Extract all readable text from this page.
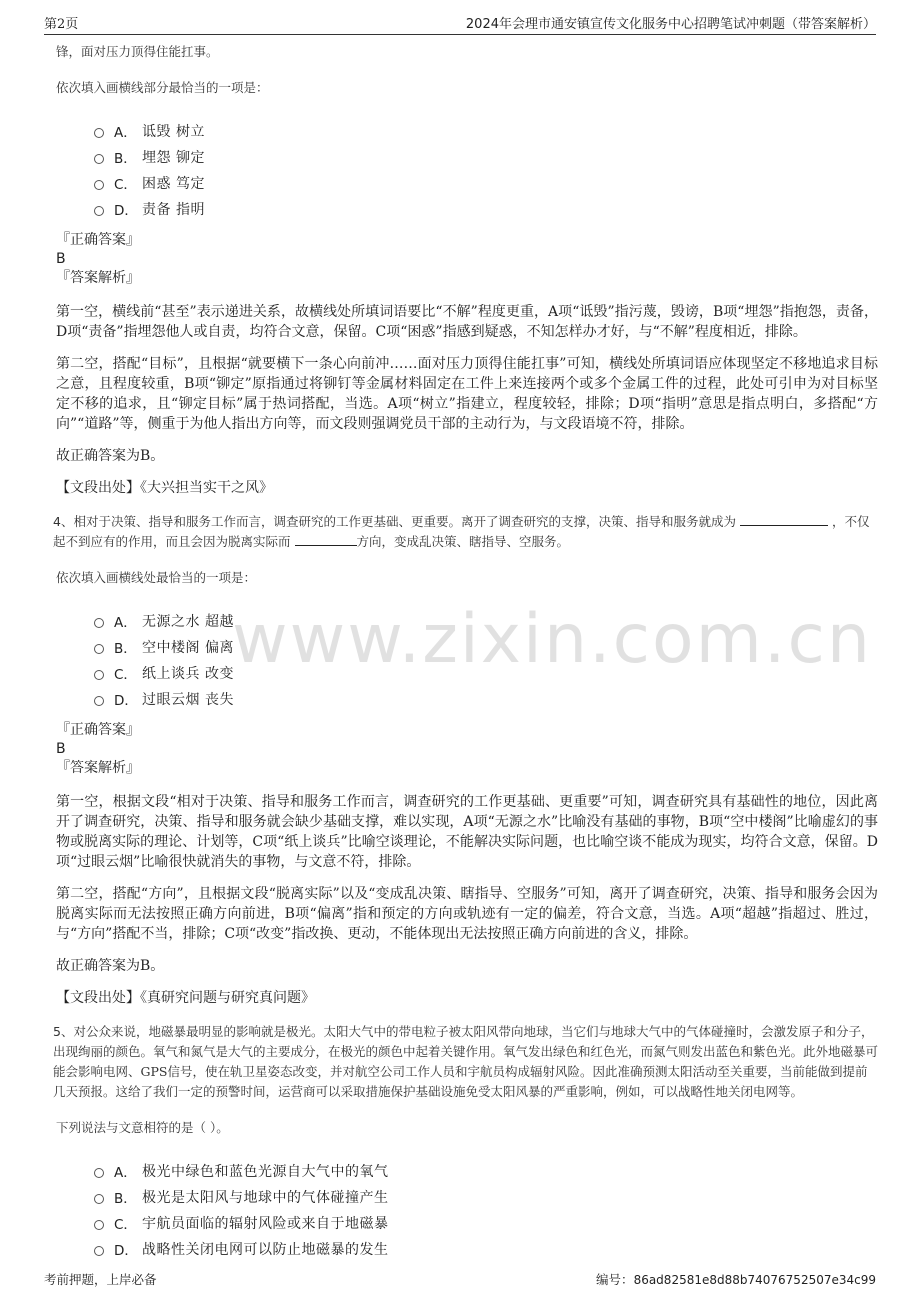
第2页	2024年会理市通安镇宣传文化服务中心招聘笔试冲刺题（带答案解析）
www.zixin.com.cn

锋，面对压力顶得住能扛事。

依次填入画横线部分最恰当的一项是：

A． 诋毁 树立
B． 埋怨 铆定
C． 困惑 笃定
D． 责备 指明

『正确答案』

B

『答案解析』

第一空，横线前“甚至”表示递进关系，故横线处所填词语要比“不解”程度更重，A项“诋毁”指污蔑，毁谤，B项“埋怨”指抱怨，责备，D项“责备”指埋怨他人或自责，均符合文意，保留。C项“困惑”指感到疑惑，不知怎样办才好，与“不解”程度相近，排除。

第二空，搭配“目标”，且根据“就要横下一条心向前冲……面对压力顶得住能扛事”可知，横线处所填词语应体现坚定不移地追求目标之意，且程度较重，B项“铆定”原指通过将铆钉等金属材料固定在工件上来连接两个或多个金属工件的过程，此处可引申为对目标坚定不移的追求，且“铆定目标”属于热词搭配，当选。A项“树立”指建立，程度较轻，排除；D项“指明”意思是指点明白，多搭配“方向”“道路”等，侧重于为他人指出方向等，而文段则强调党员干部的主动行为，与文段语境不符，排除。

故正确答案为B。

【文段出处】《大兴担当实干之风》

4、相对于决策、指导和服务工作而言，调查研究的工作更基础、更重要。离开了调查研究的支撑，决策、指导和服务就成为	，不仅起不到应有的作用，而且会因为脱离实际而	方向，变成乱决策、瞎指导、空服务。

依次填入画横线处最恰当的一项是：

A． 无源之水 超越
B． 空中楼阁 偏离
C． 纸上谈兵 改变
D． 过眼云烟 丧失

『正确答案』

B

『答案解析』

第一空，根据文段“相对于决策、指导和服务工作而言，调查研究的工作更基础、更重要”可知，调查研究具有基础性的地位，因此离开了调查研究，决策、指导和服务就会缺少基础支撑，难以实现，A项“无源之水”比喻没有基础的事物，B项“空中楼阁”比喻虚幻的事物或脱离实际的理论、计划等，C项“纸上谈兵”比喻空谈理论，不能解决实际问题，也比喻空谈不能成为现实，均符合文意，保留。D项“过眼云烟”比喻很快就消失的事物，与文意不符，排除。

第二空，搭配“方向”，且根据文段“脱离实际”以及“变成乱决策、瞎指导、空服务”可知，离开了调查研究，决策、指导和服务会因为脱离实际而无法按照正确方向前进，B项“偏离”指和预定的方向或轨迹有一定的偏差，符合文意，当选。A项“超越”指超过、胜过，与“方向”搭配不当，排除；C项“改变”指改换、更动，不能体现出无法按照正确方向前进的含义，排除。

故正确答案为B。

【文段出处】《真研究问题与研究真问题》

5、对公众来说，地磁暴最明显的影响就是极光。太阳大气中的带电粒子被太阳风带向地球，当它们与地球大气中的气体碰撞时，会激发原子和分子，出现绚丽的颜色。氧气和氮气是大气的主要成分，在极光的颜色中起着关键作用。氧气发出绿色和红色光，而氮气则发出蓝色和紫色光。此外地磁暴可能会影响电网、GPS信号，使在轨卫星姿态改变，并对航空公司工作人员和宇航员构成辐射风险。因此准确预测太阳活动至关重要，当前能做到提前几天预报。这给了我们一定的预警时间，运营商可以采取措施保护基础设施免受太阳风暴的严重影响，例如，可以战略性地关闭电网等。

下列说法与文意相符的是（ ）。

A． 极光中绿色和蓝色光源自大气中的氧气
B． 极光是太阳风与地球中的气体碰撞产生
C． 宇航员面临的辐射风险或来自于地磁暴
D． 战略性关闭电网可以防止地磁暴的发生
考前押题，上岸必备	编号：86ad82581e8d88b74076752507e34c99
